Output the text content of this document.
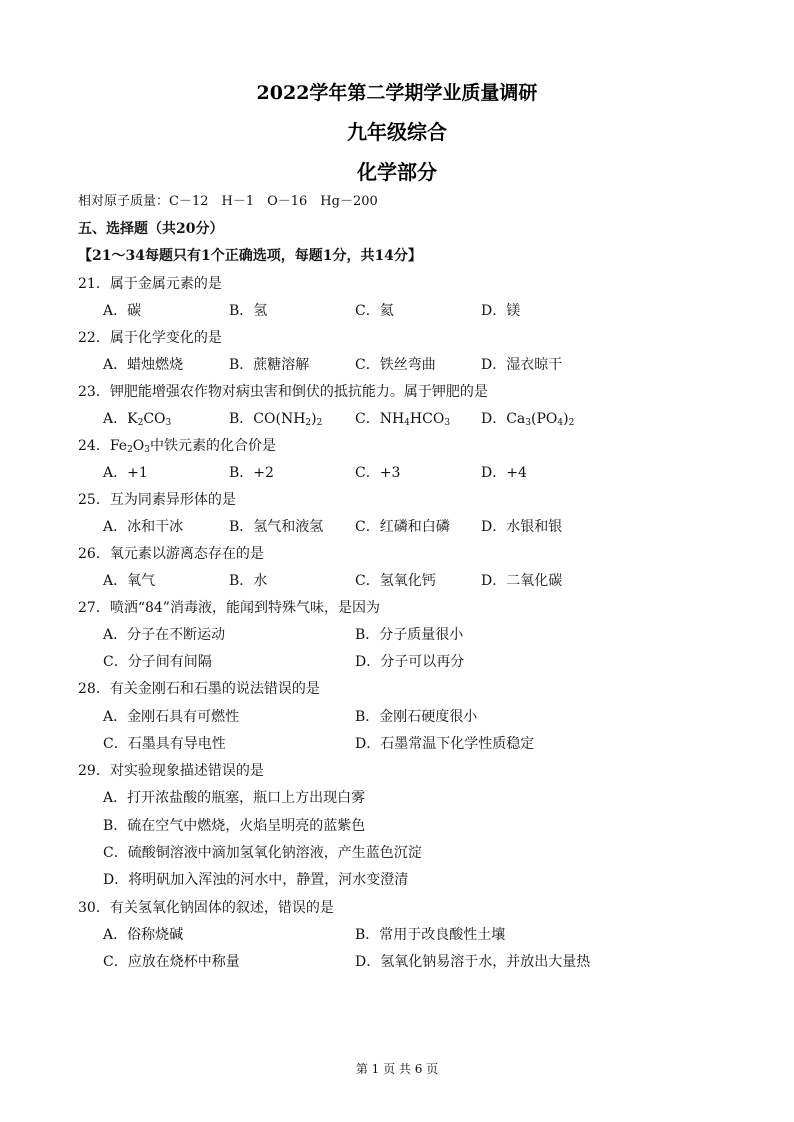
2022学年第二学期学业质量调研
九年级综合
化学部分
相对原子质量：C－12　H－1　O－16　Hg－200
五、选择题（共20分）
【21～34每题只有1个正确选项，每题1分，共14分】
21．属于金属元素的是
A．碳	B．氢	C．氦	D．镁
22．属于化学变化的是
A．蜡烛燃烧	B．蔗糖溶解	C．铁丝弯曲	D．湿衣晾干
23．钾肥能增强农作物对病虫害和倒伏的抵抗能力。属于钾肥的是
A．$K_2CO_3$	B．$CO(NH_2)_2$ C．$NH_4HCO_3$ D．$Ca_3(PO_4)_2$
24．$Fe_2O_3$中铁元素的化合价是
A．+1	B．+2	C．+3	D．+4
25．互为同素异形体的是
A．冰和干冰	B．氢气和液氢 C．红磷和白磷 D．水银和银
26．氧元素以游离态存在的是
A．氧气	B．水	C．氢氧化钙	D．二氧化碳
27．喷洒“84”消毒液，能闻到特殊气味，是因为
A．分子在不断运动	B．分子质量很小
C．分子间有间隔	D．分子可以再分
28．有关金刚石和石墨的说法错误的是
A．金刚石具有可燃性	B．金刚石硬度很小
C．石墨具有导电性	D．石墨常温下化学性质稳定
29．对实验现象描述错误的是
A．打开浓盐酸的瓶塞，瓶口上方出现白雾
B．硫在空气中燃烧，火焰呈明亮的蓝紫色
C．硫酸铜溶液中滴加氢氧化钠溶液，产生蓝色沉淀
D．将明矾加入浑浊的河水中，静置，河水变澄清
30．有关氢氧化钠固体的叙述，错误的是
A．俗称烧碱	B．常用于改良酸性土壤
C．应放在烧杯中称量	D．氢氧化钠易溶于水，并放出大量热
第 1 页 共 6 页
